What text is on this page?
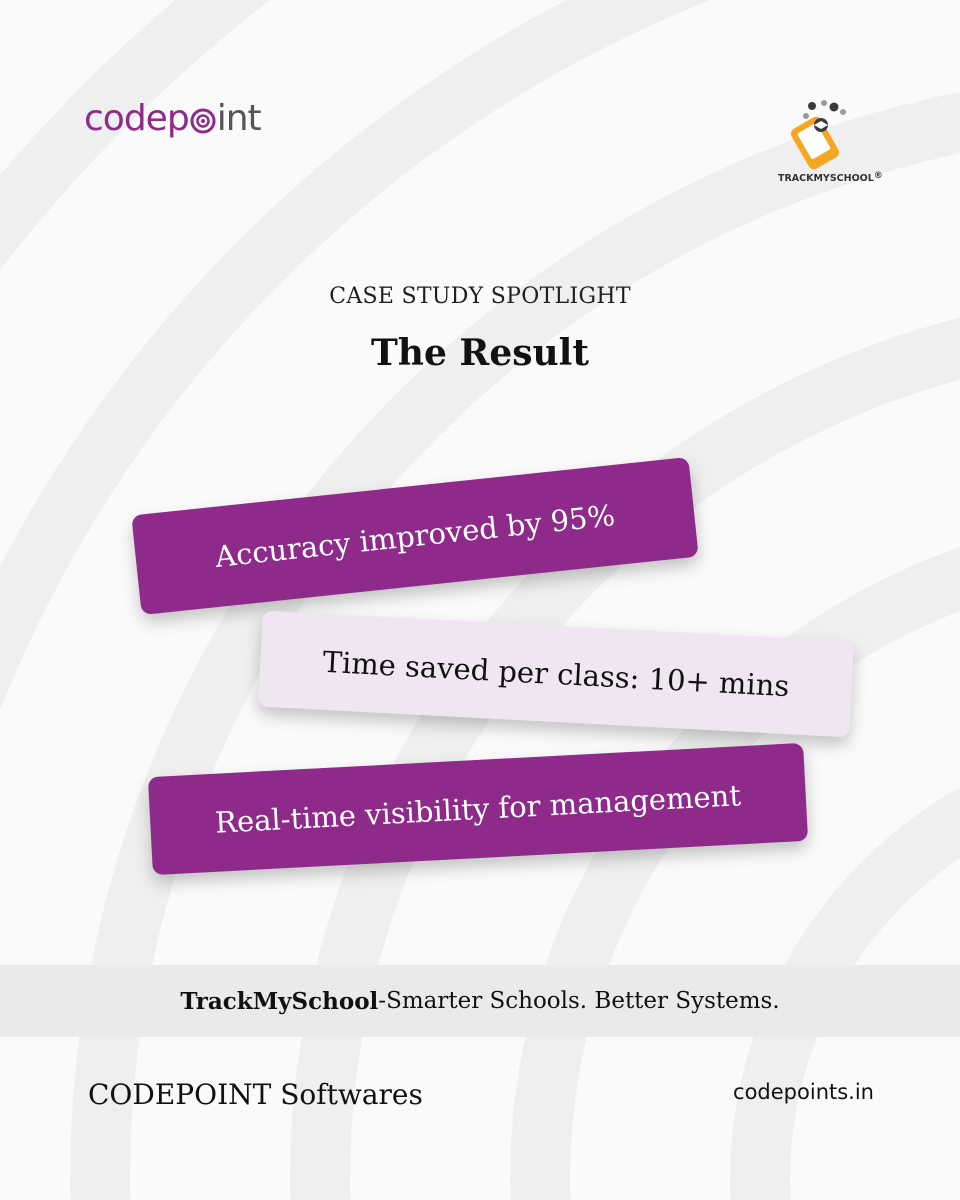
code p int
TRACKMYSCHOOL®
CASE STUDY SPOTLIGHT
The Result
Accuracy improved by 95%
Time saved per class: 10+ mins
Real-time visibility for management
TrackMySchool -Smarter Schools. Better Systems.
CODEPOINT Softwares	codepoints.in
